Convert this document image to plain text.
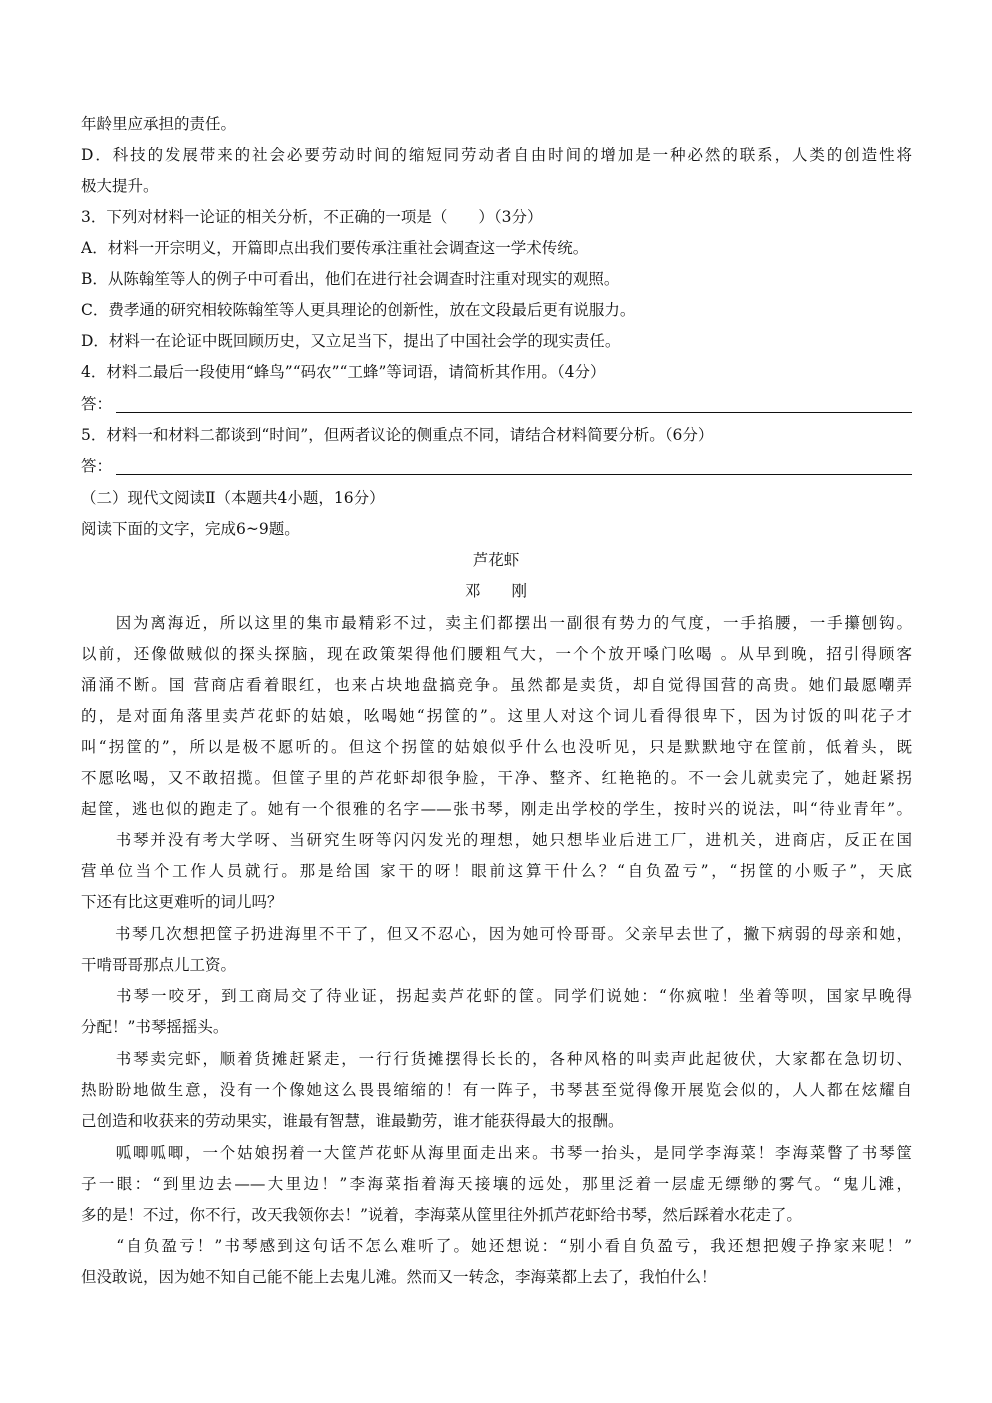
年龄里应承担的责任。
D．科技的发展带来的社会必要劳动时间的缩短同劳动者自由时间的增加是一种必然的联系，人类的创造性将
极大提升。
3．下列对材料一论证的相关分析，不正确的一项是（　　）（3分）
A．材料一开宗明义，开篇即点出我们要传承注重社会调查这一学术传统。
B．从陈翰笙等人的例子中可看出，他们在进行社会调查时注重对现实的观照。
C．费孝通的研究相较陈翰笙等人更具理论的创新性，放在文段最后更有说服力。
D．材料一在论证中既回顾历史，又立足当下，提出了中国社会学的现实责任。
4．材料二最后一段使用“蜂鸟”“码农”“工蜂”等词语，请简析其作用。（4分）
答：
5．材料一和材料二都谈到“时间”，但两者议论的侧重点不同，请结合材料简要分析。（6分）
答：
（二）现代文阅读Ⅱ（本题共4小题，16分）
阅读下面的文字，完成6~9题。
芦花虾
邓　　刚
　　因为离海近，所以这里的集市最精彩不过，卖主们都摆出一副很有势力的气度，一手掐腰，一手攥刨钩。
以前，还像做贼似的探头探脑，现在政策架得他们腰粗气大，一个个放开嗓门吆喝 。从早到晚，招引得顾客
涌涌不断。国 营商店看着眼红，也来占块地盘搞竞争。虽然都是卖货，却自觉得国营的高贵。她们最愿嘲弄
的，是对面角落里卖芦花虾的姑娘，吆喝她“拐筐的”。这里人对这个词儿看得很卑下，因为讨饭的叫花子才
叫“拐筐的”，所以是极不愿听的。但这个拐筐的姑娘似乎什么也没听见，只是默默地守在筐前，低着头，既
不愿吆喝，又不敢招揽。但筐子里的芦花虾却很争脸，干净、整齐、红艳艳的。不一会儿就卖完了，她赶紧拐
起筐，逃也似的跑走了。她有一个很雅的名字——张书琴，刚走出学校的学生，按时兴的说法，叫“待业青年”。
　　书琴并没有考大学呀、当研究生呀等闪闪发光的理想，她只想毕业后进工厂，进机关，进商店，反正在国
营单位当个工作人员就行。那是给国 家干的呀！眼前这算干什么？“自负盈亏”，“拐筐的小贩子”，天底
下还有比这更难听的词儿吗？
　　书琴几次想把筐子扔进海里不干了，但又不忍心，因为她可怜哥哥。父亲早去世了，撇下病弱的母亲和她，
干啃哥哥那点儿工资。
　　书琴一咬牙，到工商局交了待业证，拐起卖芦花虾的筐。同学们说她：“你疯啦！坐着等呗，国家早晚得
分配！”书琴摇摇头。
　　书琴卖完虾，顺着货摊赶紧走，一行行货摊摆得长长的，各种风格的叫卖声此起彼伏，大家都在急切切、
热盼盼地做生意，没有一个像她这么畏畏缩缩的！有一阵子，书琴甚至觉得像开展览会似的，人人都在炫耀自
己创造和收获来的劳动果实，谁最有智慧，谁最勤劳，谁才能获得最大的报酬。
　　呱唧呱唧，一个姑娘拐着一大筐芦花虾从海里面走出来。书琴一抬头，是同学李海菜！李海菜瞥了书琴筐
子一眼：“到里边去——大里边！”李海菜指着海天接壤的远处，那里泛着一层虚无缥缈的雾气。“鬼儿滩，
多的是！不过，你不行，改天我领你去！”说着，李海菜从筐里往外抓芦花虾给书琴，然后踩着水花走了。
　　“自负盈亏！”书琴感到这句话不怎么难听了。她还想说：“别小看自负盈亏，我还想把嫂子挣家来呢！”
但没敢说，因为她不知自己能不能上去鬼儿滩。然而又一转念，李海菜都上去了，我怕什么！
